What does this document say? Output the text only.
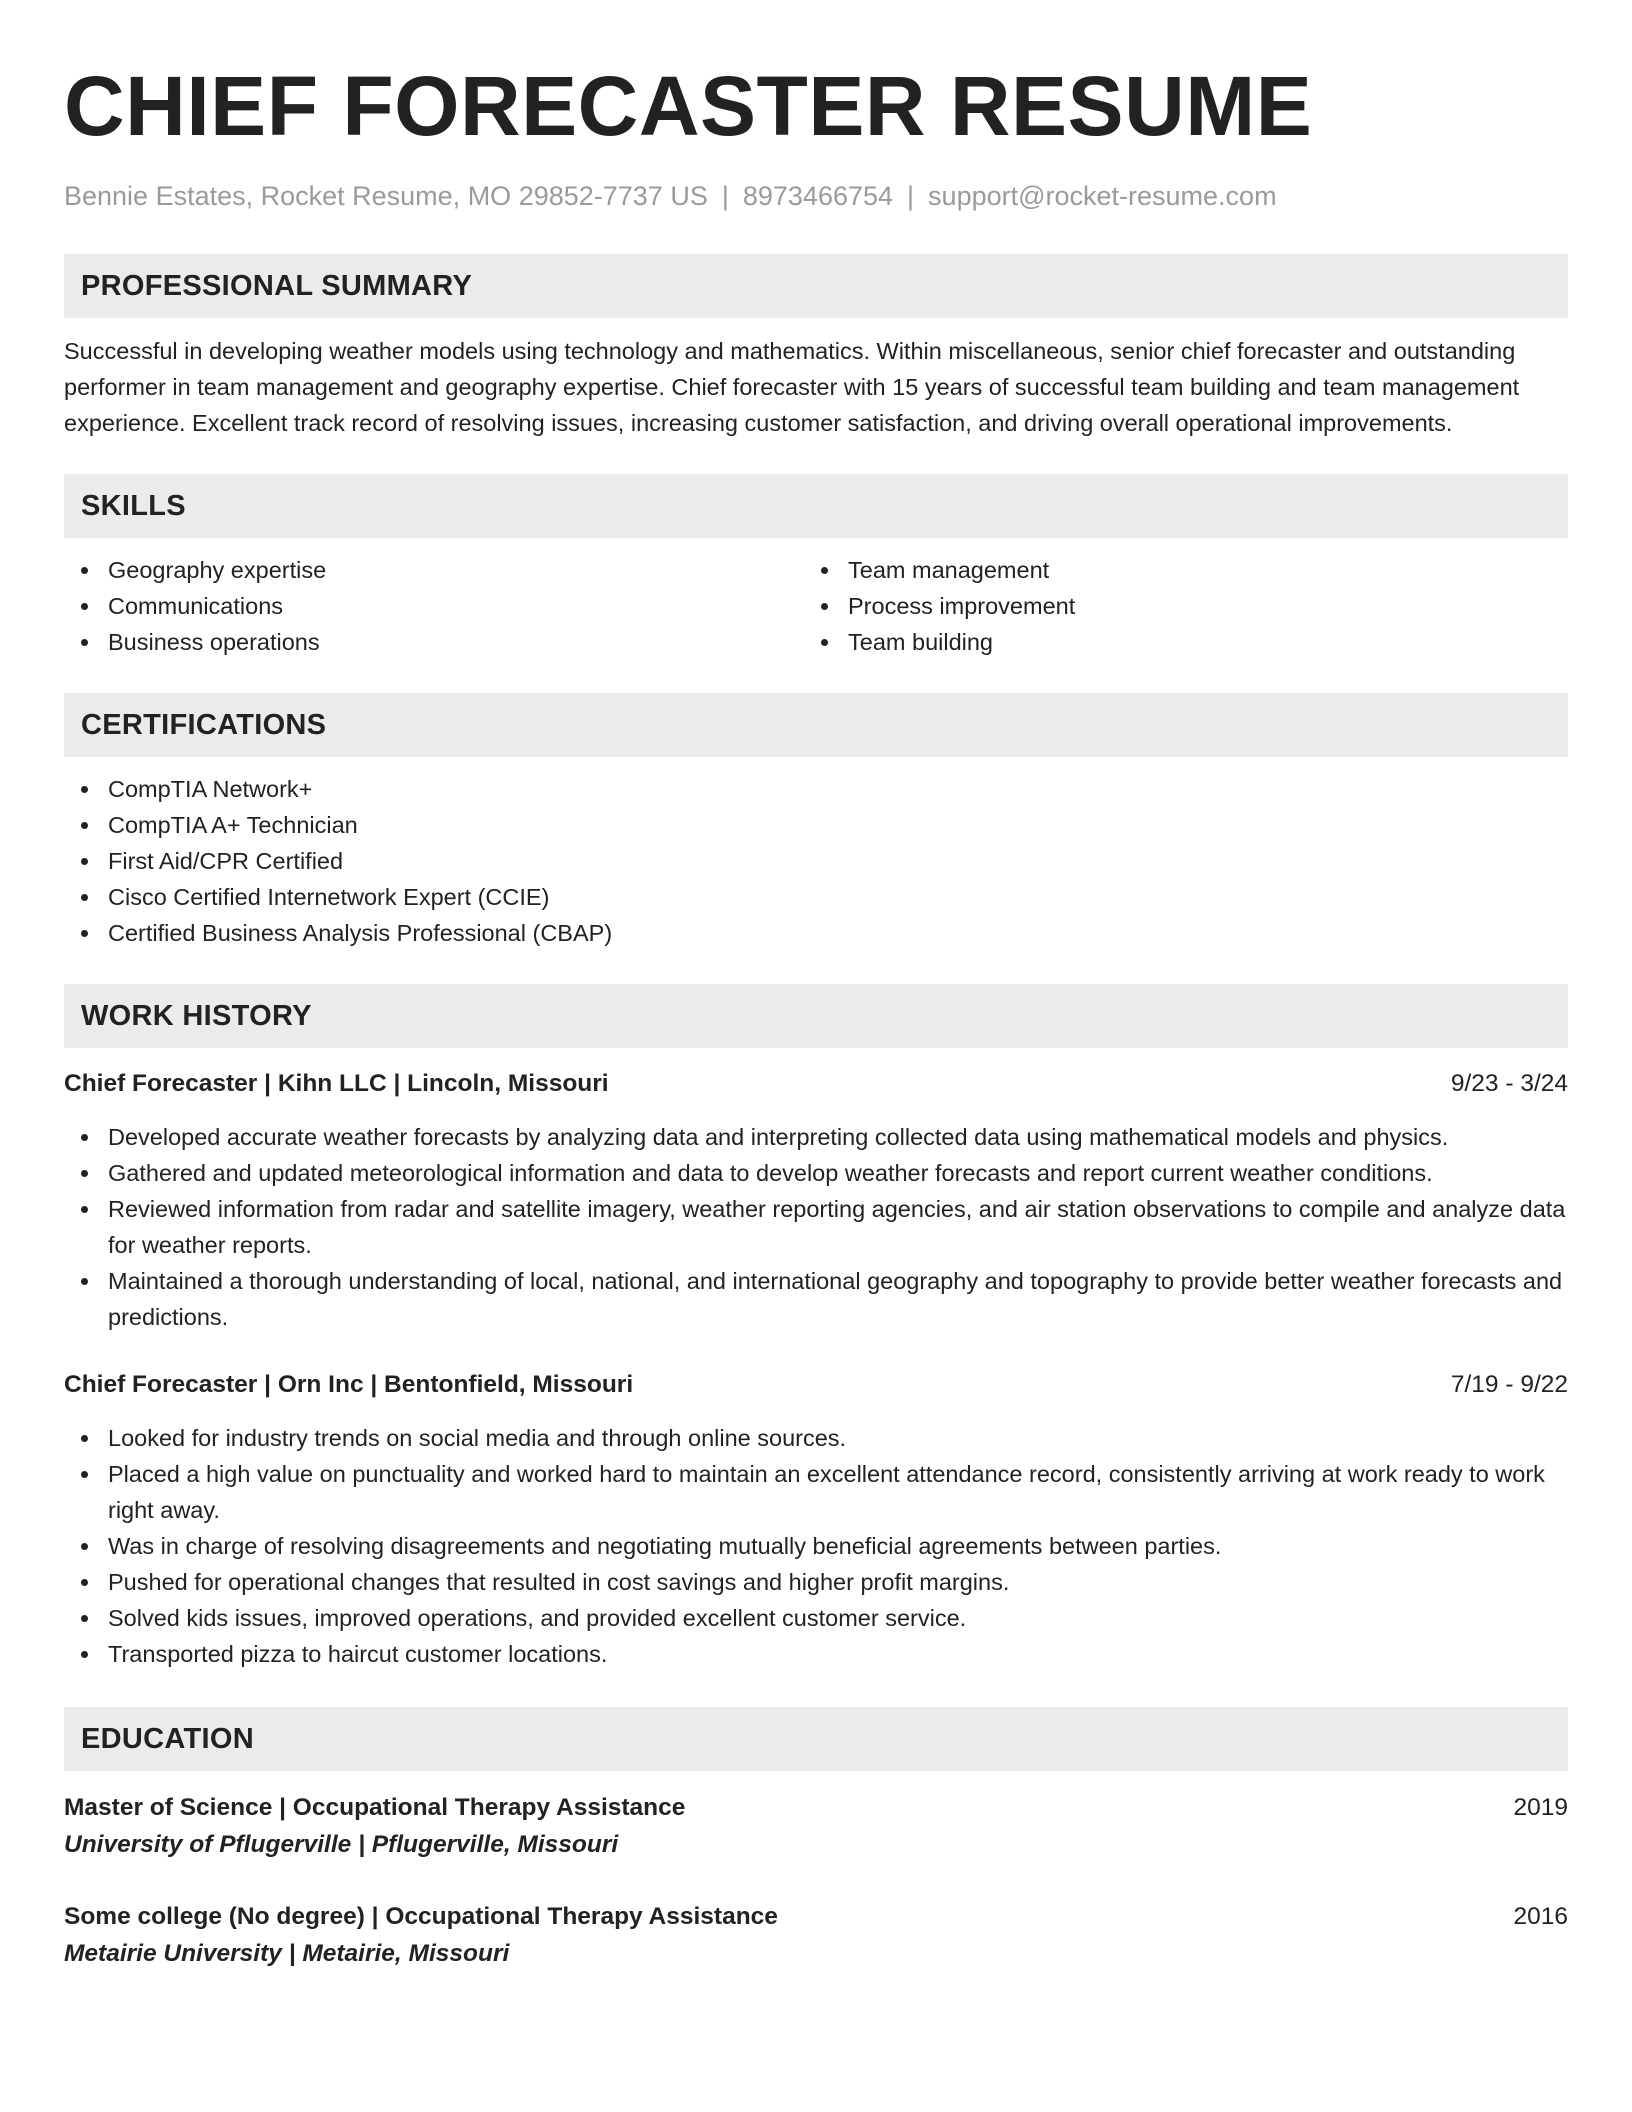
CHIEF FORECASTER RESUME
Bennie Estates, Rocket Resume, MO 29852-7737 US | 8973466754 | support@rocket-resume.com
PROFESSIONAL SUMMARY

Successful in developing weather models using technology and mathematics. Within miscellaneous, senior chief forecaster and outstanding performer in team management and geography expertise. Chief forecaster with 15 years of successful team building and team management experience. Excellent track record of resolving issues, increasing customer satisfaction, and driving overall operational improvements.

SKILLS
Geography expertise
Communications
Business operations
Team management
Process improvement
Team building
CERTIFICATIONS
CompTIA Network+
CompTIA A+ Technician
First Aid/CPR Certified
Cisco Certified Internetwork Expert (CCIE)
Certified Business Analysis Professional (CBAP)
WORK HISTORY
Chief Forecaster | Kihn LLC | Lincoln, Missouri	9/23 - 3/24
Developed accurate weather forecasts by analyzing data and interpreting collected data using mathematical models and physics.
Gathered and updated meteorological information and data to develop weather forecasts and report current weather conditions.
Reviewed information from radar and satellite imagery, weather reporting agencies, and air station observations to compile and analyze data for weather reports.
Maintained a thorough understanding of local, national, and international geography and topography to provide better weather forecasts and predictions.
Chief Forecaster | Orn Inc | Bentonfield, Missouri	7/19 - 9/22
Looked for industry trends on social media and through online sources.
Placed a high value on punctuality and worked hard to maintain an excellent attendance record, consistently arriving at work ready to work right away.
Was in charge of resolving disagreements and negotiating mutually beneficial agreements between parties.
Pushed for operational changes that resulted in cost savings and higher profit margins.
Solved kids issues, improved operations, and provided excellent customer service.
Transported pizza to haircut customer locations.
EDUCATION
Master of Science | Occupational Therapy Assistance	2019
University of Pflugerville | Pflugerville, Missouri
Some college (No degree) | Occupational Therapy Assistance	2016
Metairie University | Metairie, Missouri
